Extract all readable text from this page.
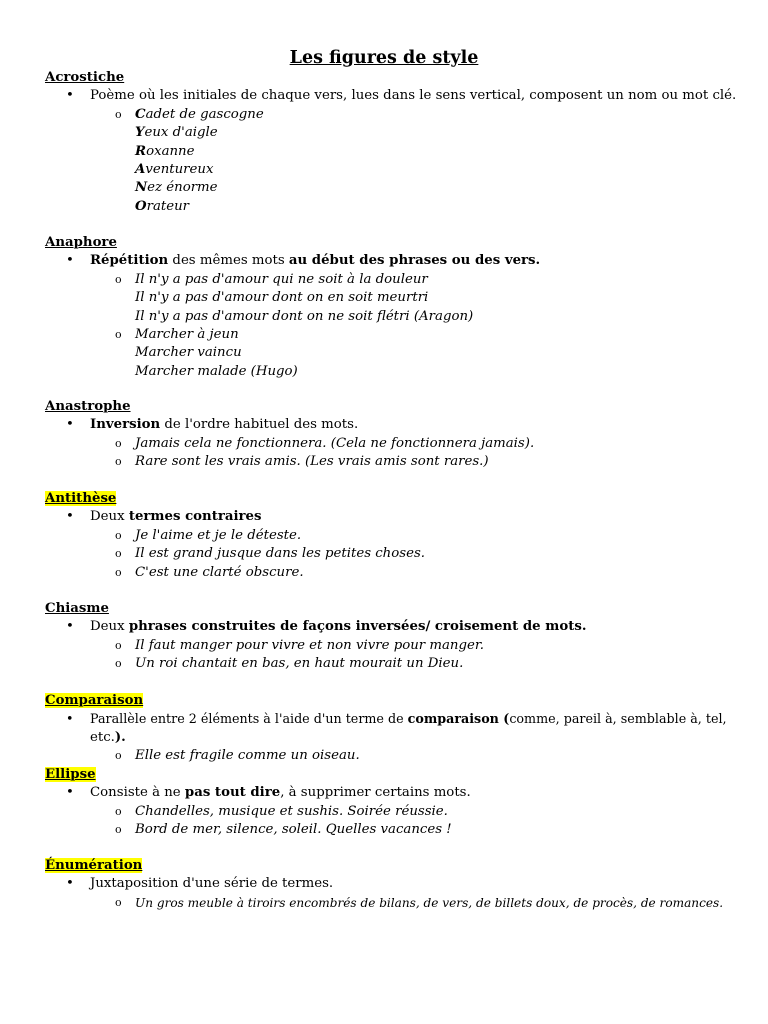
Les figures de style
Acrostiche
• Poème où les initiales de chaque vers, lues dans le sens vertical, composent un nom ou mot clé.
o Cadet de gascogne
Yeux d'aigle
Roxanne
Aventureux
Nez énorme
Orateur
Anaphore
• Répétition des mêmes mots au début des phrases ou des vers.
o Il n'y a pas d'amour qui ne soit à la douleur
Il n'y a pas d'amour dont on en soit meurtri
Il n'y a pas d'amour dont on ne soit flétri (Aragon)
o Marcher à jeun
Marcher vaincu
Marcher malade (Hugo)
Anastrophe
• Inversion de l'ordre habituel des mots.
o Jamais cela ne fonctionnera. (Cela ne fonctionnera jamais).
o Rare sont les vrais amis. (Les vrais amis sont rares.)
Antithèse
• Deux termes contraires
o Je l'aime et je le déteste.
o Il est grand jusque dans les petites choses.
o C'est une clarté obscure.
Chiasme
• Deux phrases construites de façons inversées/ croisement de mots.
o Il faut manger pour vivre et non vivre pour manger.
o Un roi chantait en bas, en haut mourait un Dieu.
Comparaison
• Parallèle entre 2 éléments à l'aide d'un terme de comparaison (comme, pareil à, semblable à, tel,
etc.).
o Elle est fragile comme un oiseau.
Ellipse
• Consiste à ne pas tout dire, à supprimer certains mots.
o Chandelles, musique et sushis. Soirée réussie.
o Bord de mer, silence, soleil. Quelles vacances !
Énumération
• Juxtaposition d'une série de termes.
o Un gros meuble à tiroirs encombrés de bilans, de vers, de billets doux, de procès, de romances.
